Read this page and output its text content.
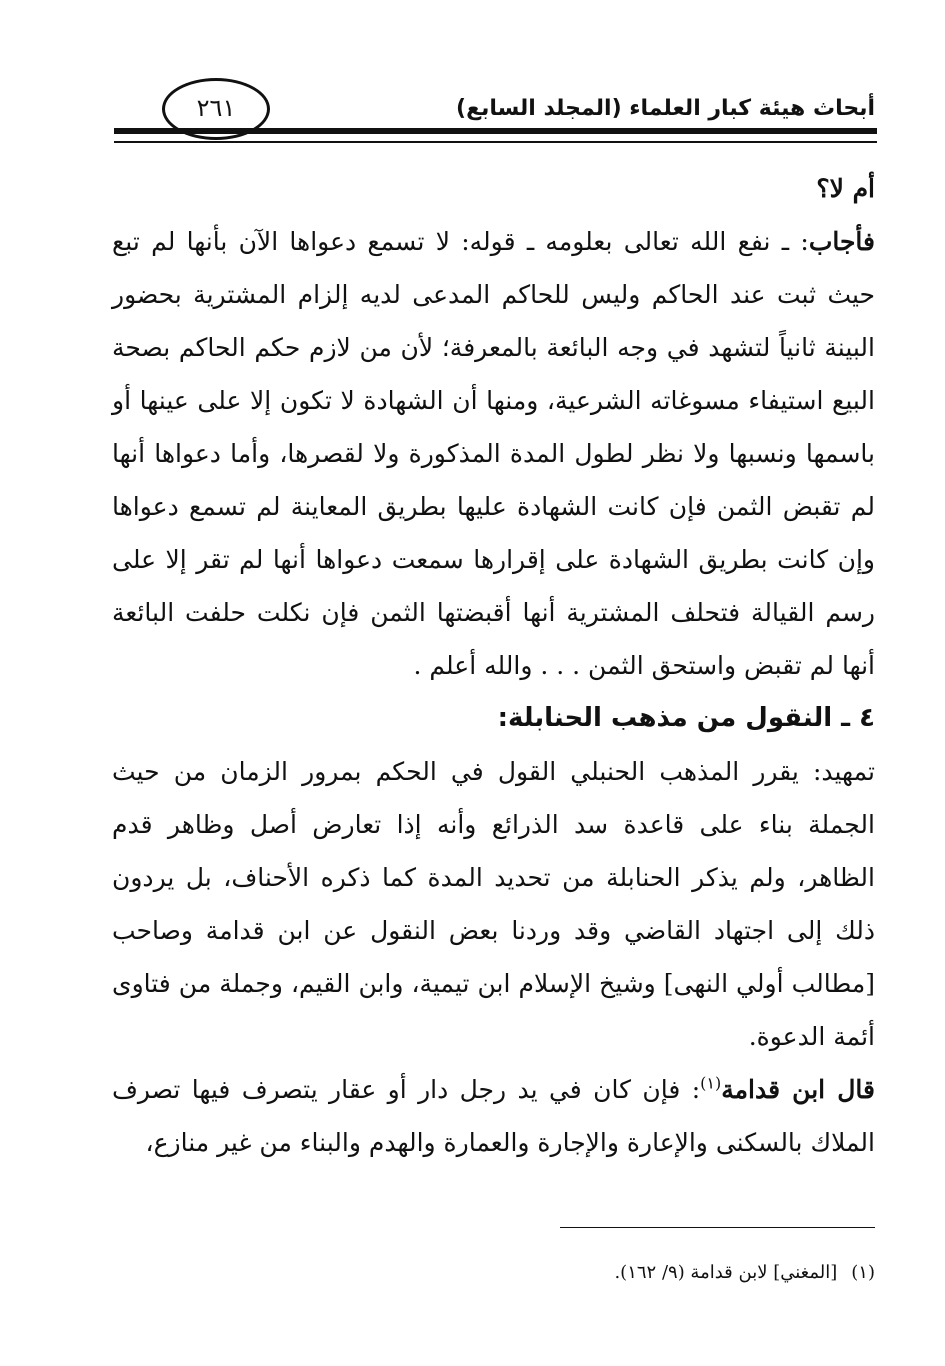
أبحاث هيئة كبار العلماء (المجلد السابع)
٢٦١

أم لا؟

فأجاب: ـ نفع الله تعالى بعلومه ـ قوله: لا تسمع دعواها الآن بأنها لم تبع حيث ثبت عند الحاكم وليس للحاكم المدعى لديه إلزام المشترية بحضور البينة ثانياً لتشهد في وجه البائعة بالمعرفة؛ لأن من لازم حكم الحاكم بصحة البيع استيفاء مسوغاته الشرعية، ومنها أن الشهادة لا تكون إلا على عينها أو باسمها ونسبها ولا نظر لطول المدة المذكورة ولا لقصرها، وأما دعواها أنها لم تقبض الثمن فإن كانت الشهادة عليها بطريق المعاينة لم تسمع دعواها وإن كانت بطريق الشهادة على إقرارها سمعت دعواها أنها لم تقر إلا على رسم القيالة فتحلف المشترية أنها أقبضتها الثمن فإن نكلت حلفت البائعة أنها لم تقبض واستحق الثمن . . . والله أعلم .

٤ ـ النقول من مذهب الحنابلة:

تمهيد: يقرر المذهب الحنبلي القول في الحكم بمرور الزمان من حيث الجملة بناء على قاعدة سد الذرائع وأنه إذا تعارض أصل وظاهر قدم الظاهر، ولم يذكر الحنابلة من تحديد المدة كما ذكره الأحناف، بل يردون ذلك إلى اجتهاد القاضي وقد وردنا بعض النقول عن ابن قدامة وصاحب [مطالب أولي النهى] وشيخ الإسلام ابن تيمية، وابن القيم، وجملة من فتاوى أئمة الدعوة.

قال ابن قدامة$^{(١)}$: فإن كان في يد رجل دار أو عقار يتصرف فيها تصرف الملاك بالسكنى والإعارة والإجارة والعمارة والهدم والبناء من غير منازع،

(١)[المغني] لابن قدامة (٩/ ١٦٢).
